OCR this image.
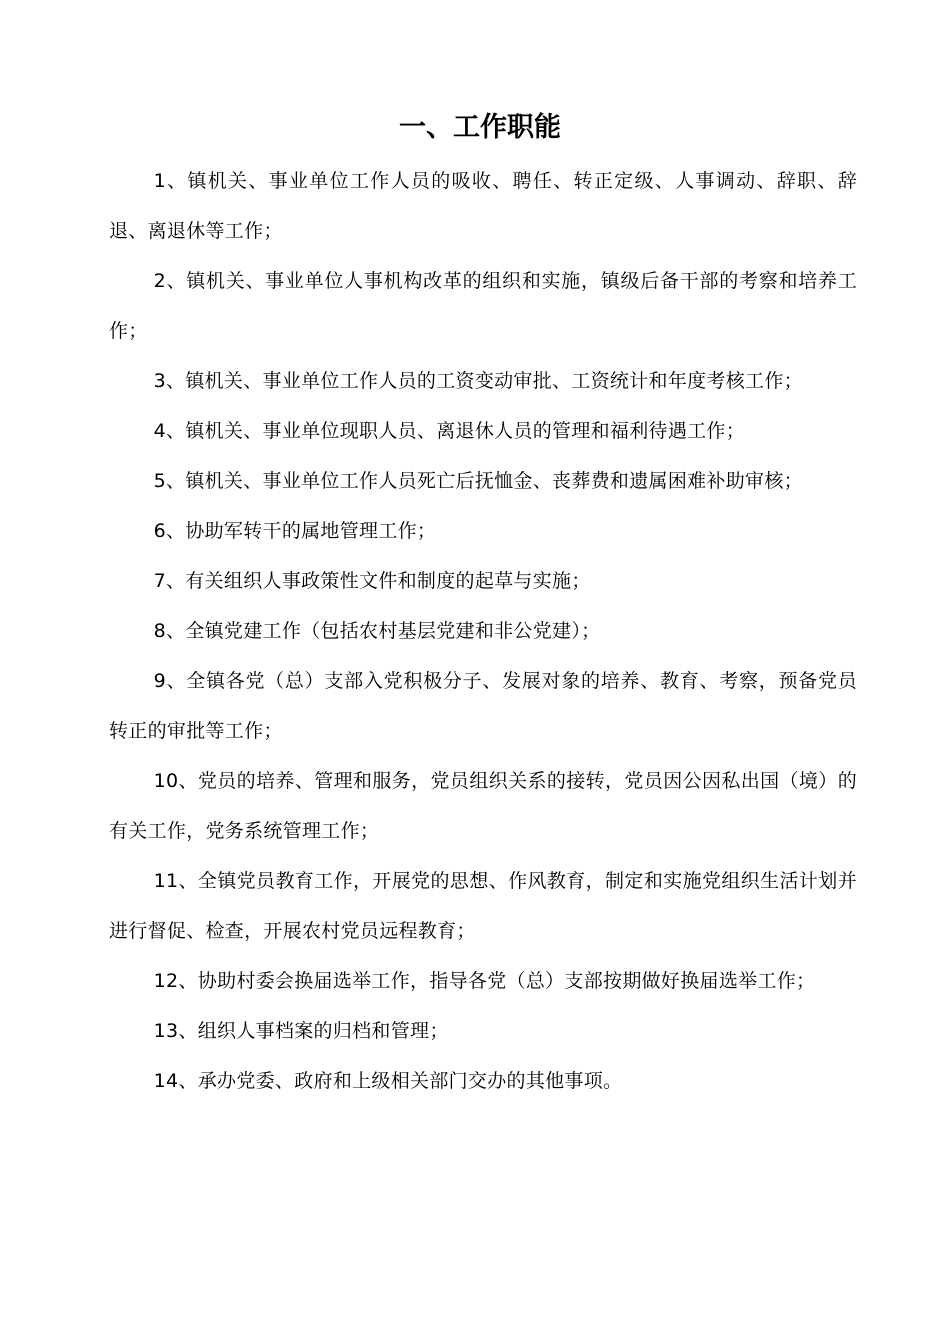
一、工作职能
1、镇机关、事业单位工作人员的吸收、聘任、转正定级、人事调动、辞职、辞退、离退休等工作；
2、镇机关、事业单位人事机构改革的组织和实施，镇级后备干部的考察和培养工作；
3、镇机关、事业单位工作人员的工资变动审批、工资统计和年度考核工作；
4、镇机关、事业单位现职人员、离退休人员的管理和福利待遇工作；
5、镇机关、事业单位工作人员死亡后抚恤金、丧葬费和遗属困难补助审核；
6、协助军转干的属地管理工作；
7、有关组织人事政策性文件和制度的起草与实施；
8、全镇党建工作（包括农村基层党建和非公党建）；
9、全镇各党（总）支部入党积极分子、发展对象的培养、教育、考察，预备党员转正的审批等工作；
10、党员的培养、管理和服务，党员组织关系的接转，党员因公因私出国（境）的有关工作，党务系统管理工作；
11、全镇党员教育工作，开展党的思想、作风教育，制定和实施党组织生活计划并进行督促、检查，开展农村党员远程教育；
12、协助村委会换届选举工作，指导各党（总）支部按期做好换届选举工作；
13、组织人事档案的归档和管理；
14、承办党委、政府和上级相关部门交办的其他事项。
